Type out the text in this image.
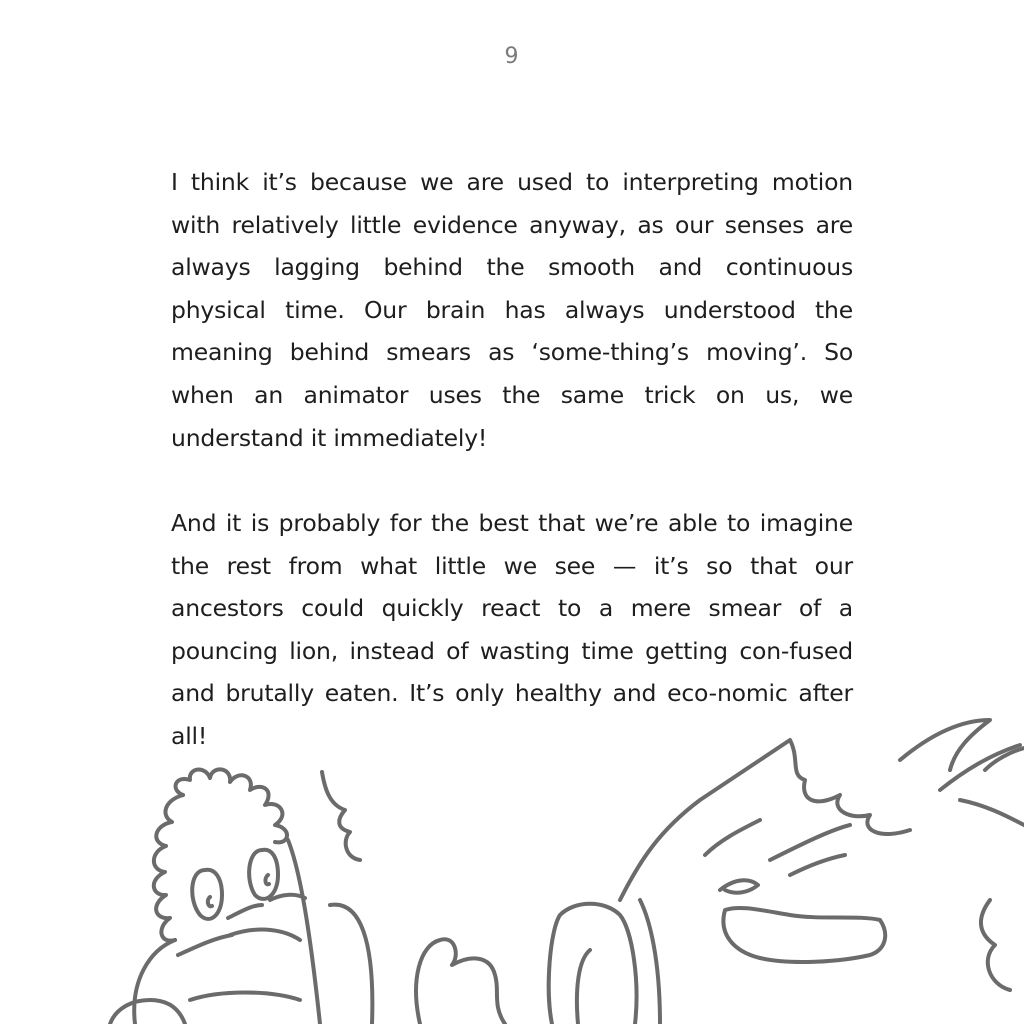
9

I think it’s because we are used to interpreting motion with relatively little evidence anyway, as our senses are always lagging behind the smooth and continuous physical time. Our brain has always understood the meaning behind smears as ‘some-thing’s moving’. So when an animator uses the same trick on us, we understand it immediately!

And it is probably for the best that we’re able to imagine the rest from what little we see — it’s so that our ancestors could quickly react to a mere smear of a pouncing lion, instead of wasting time getting con-fused and brutally eaten. It’s only healthy and eco-nomic after all!
